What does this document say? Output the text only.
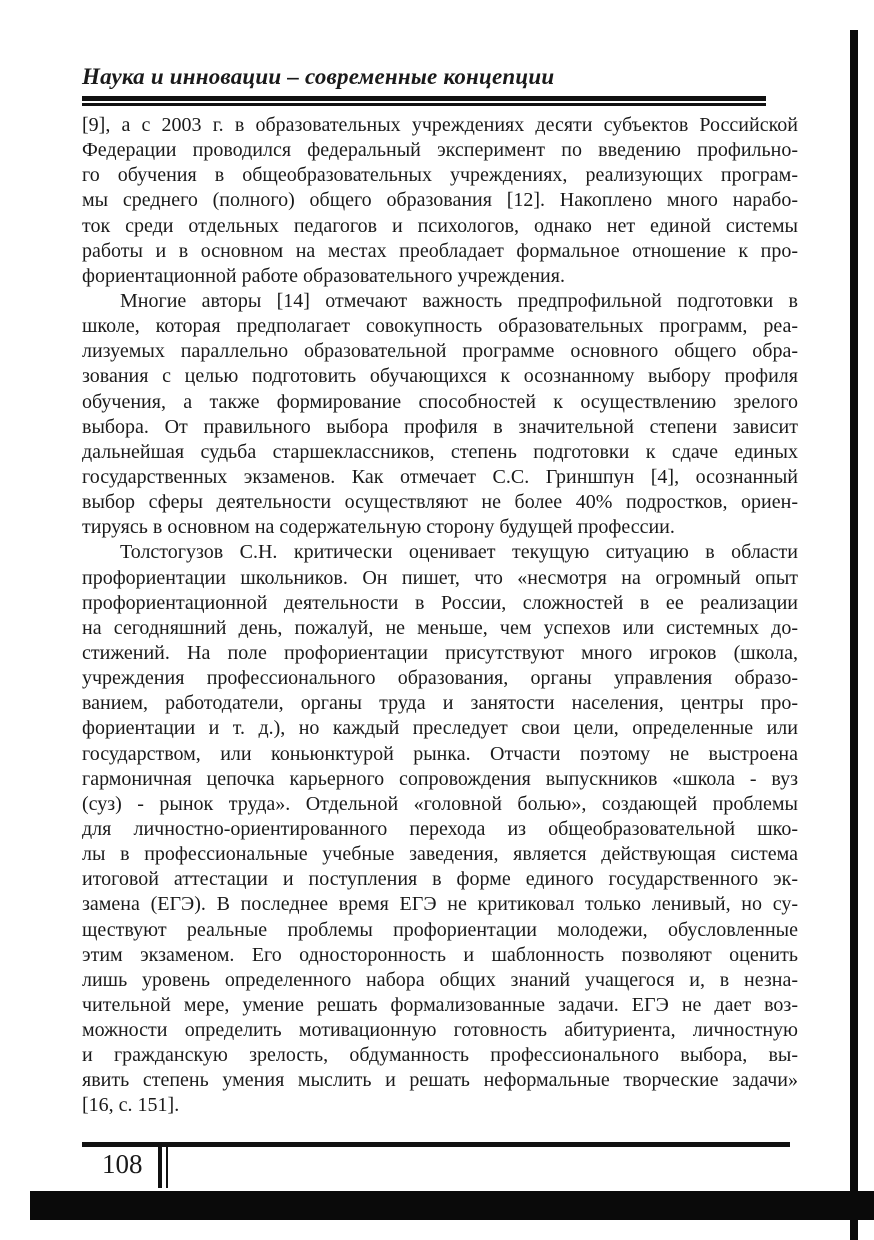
Наука и инновации – современные концепции
[9], а с 2003 г. в образовательных учреждениях десяти субъектов Российской
Федерации проводился федеральный эксперимент по введению профильно-
го обучения в общеобразовательных учреждениях, реализующих програм-
мы среднего (полного) общего образования [12]. Накоплено много нарабо-
ток среди отдельных педагогов и психологов, однако нет единой системы
работы и в основном на местах преобладает формальное отношение к про-
фориентационной работе образовательного учреждения.
Многие авторы [14] отмечают важность предпрофильной подготовки в
школе, которая предполагает совокупность образовательных программ, реа-
лизуемых параллельно образовательной программе основного общего обра-
зования с целью подготовить обучающихся к осознанному выбору профиля
обучения, а также формирование способностей к осуществлению зрелого
выбора. От правильного выбора профиля в значительной степени зависит
дальнейшая судьба старшеклассников, степень подготовки к сдаче единых
государственных экзаменов. Как отмечает С.С. Гриншпун [4], осознанный
выбор сферы деятельности осуществляют не более 40% подростков, ориен-
тируясь в основном на содержательную сторону будущей профессии.
Толстогузов С.Н. критически оценивает текущую ситуацию в области
профориентации школьников. Он пишет, что «несмотря на огромный опыт
профориентационной деятельности в России, сложностей в ее реализации
на сегодняшний день, пожалуй, не меньше, чем успехов или системных до-
стижений. На поле профориентации присутствуют много игроков (школа,
учреждения профессионального образования, органы управления образо-
ванием, работодатели, органы труда и занятости населения, центры про-
фориентации и т. д.), но каждый преследует свои цели, определенные или
государством, или коньюнктурой рынка. Отчасти поэтому не выстроена
гармоничная цепочка карьерного сопровождения выпускников «школа - вуз
(суз) - рынок труда». Отдельной «головной болью», создающей проблемы
для личностно-ориентированного перехода из общеобразовательной шко-
лы в профессиональные учебные заведения, является действующая система
итоговой аттестации и поступления в форме единого государственного эк-
замена (ЕГЭ). В последнее время ЕГЭ не критиковал только ленивый, но су-
ществуют реальные проблемы профориентации молодежи, обусловленные
этим экзаменом. Его односторонность и шаблонность позволяют оценить
лишь уровень определенного набора общих знаний учащегося и, в незна-
чительной мере, умение решать формализованные задачи. ЕГЭ не дает воз-
можности определить мотивационную готовность абитуриента, личностную
и гражданскую зрелость, обдуманность профессионального выбора, вы-
явить степень умения мыслить и решать неформальные творческие задачи»
[16, с. 151].
108
